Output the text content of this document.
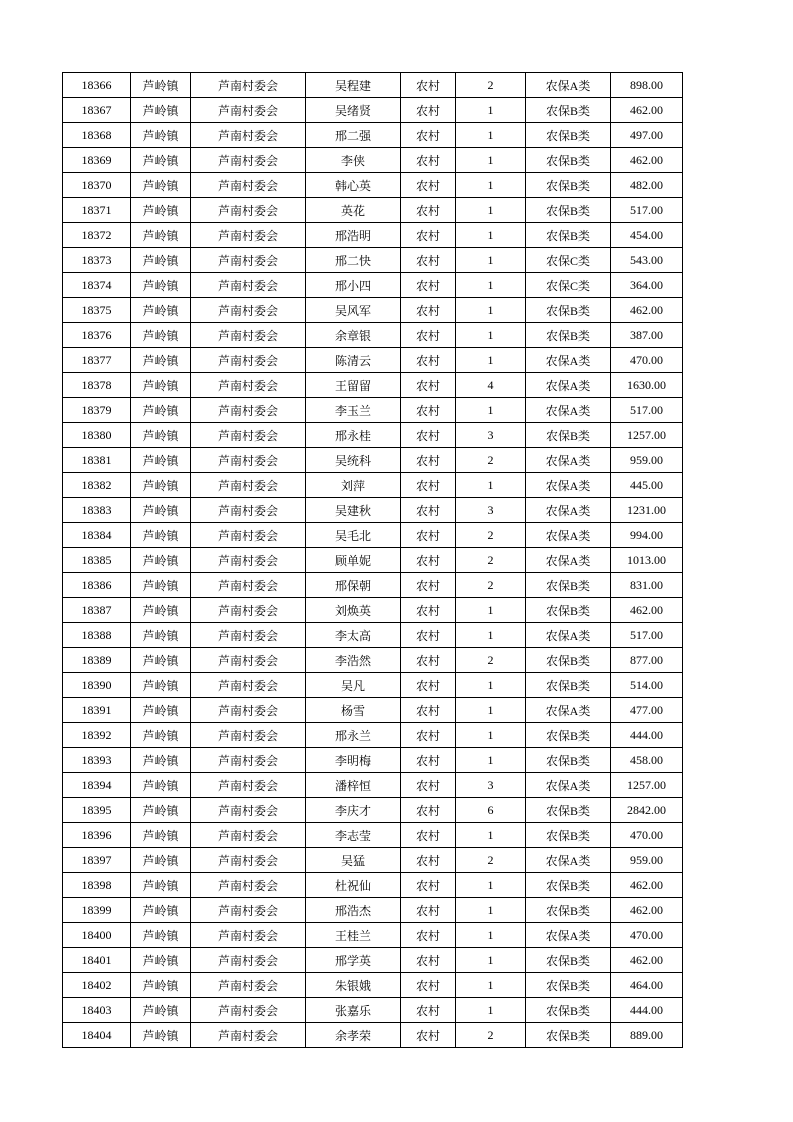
18366	芦岭镇	芦南村委会	吴程建	农村	2	农保A类	898.00
18367	芦岭镇	芦南村委会	吴绪贤	农村	1	农保B类	462.00
18368	芦岭镇	芦南村委会	邢二强	农村	1	农保B类	497.00
18369	芦岭镇	芦南村委会	李侠	农村	1	农保B类	462.00
18370	芦岭镇	芦南村委会	韩心英	农村	1	农保B类	482.00
18371	芦岭镇	芦南村委会	英花	农村	1	农保B类	517.00
18372	芦岭镇	芦南村委会	邢浩明	农村	1	农保B类	454.00
18373	芦岭镇	芦南村委会	邢二快	农村	1	农保C类	543.00
18374	芦岭镇	芦南村委会	邢小四	农村	1	农保C类	364.00
18375	芦岭镇	芦南村委会	吴风军	农村	1	农保B类	462.00
18376	芦岭镇	芦南村委会	余章银	农村	1	农保B类	387.00
18377	芦岭镇	芦南村委会	陈清云	农村	1	农保A类	470.00
18378	芦岭镇	芦南村委会	王留留	农村	4	农保A类	1630.00
18379	芦岭镇	芦南村委会	李玉兰	农村	1	农保A类	517.00
18380	芦岭镇	芦南村委会	邢永桂	农村	3	农保B类	1257.00
18381	芦岭镇	芦南村委会	吴统科	农村	2	农保A类	959.00
18382	芦岭镇	芦南村委会	刘萍	农村	1	农保A类	445.00
18383	芦岭镇	芦南村委会	吴建秋	农村	3	农保A类	1231.00
18384	芦岭镇	芦南村委会	吴毛北	农村	2	农保A类	994.00
18385	芦岭镇	芦南村委会	顾单妮	农村	2	农保A类	1013.00
18386	芦岭镇	芦南村委会	邢保朝	农村	2	农保B类	831.00
18387	芦岭镇	芦南村委会	刘焕英	农村	1	农保B类	462.00
18388	芦岭镇	芦南村委会	李太高	农村	1	农保A类	517.00
18389	芦岭镇	芦南村委会	李浩然	农村	2	农保B类	877.00
18390	芦岭镇	芦南村委会	吴凡	农村	1	农保B类	514.00
18391	芦岭镇	芦南村委会	杨雪	农村	1	农保A类	477.00
18392	芦岭镇	芦南村委会	邢永兰	农村	1	农保B类	444.00
18393	芦岭镇	芦南村委会	李明梅	农村	1	农保B类	458.00
18394	芦岭镇	芦南村委会	潘梓恒	农村	3	农保A类	1257.00
18395	芦岭镇	芦南村委会	李庆才	农村	6	农保B类	2842.00
18396	芦岭镇	芦南村委会	李志莹	农村	1	农保B类	470.00
18397	芦岭镇	芦南村委会	吴猛	农村	2	农保A类	959.00
18398	芦岭镇	芦南村委会	杜祝仙	农村	1	农保B类	462.00
18399	芦岭镇	芦南村委会	邢浩杰	农村	1	农保B类	462.00
18400	芦岭镇	芦南村委会	王桂兰	农村	1	农保A类	470.00
18401	芦岭镇	芦南村委会	邢学英	农村	1	农保B类	462.00
18402	芦岭镇	芦南村委会	朱银娥	农村	1	农保B类	464.00
18403	芦岭镇	芦南村委会	张嘉乐	农村	1	农保B类	444.00
18404	芦岭镇	芦南村委会	余孝荣	农村	2	农保B类	889.00
